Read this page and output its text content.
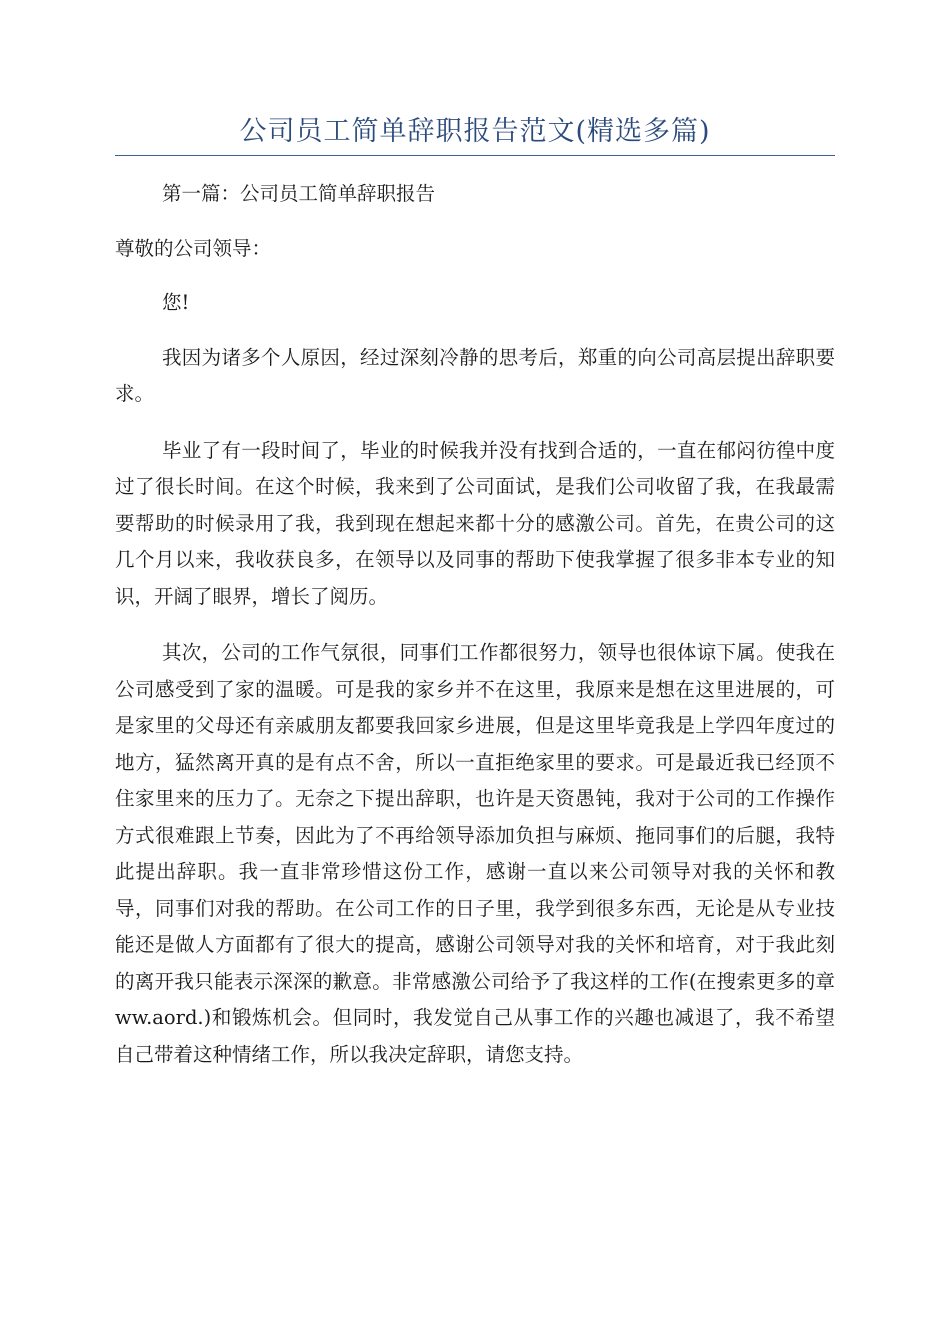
公司员工简单辞职报告范文(精选多篇)

第一篇：公司员工简单辞职报告

尊敬的公司领导：

您!

我因为诸多个人原因，经过深刻冷静的思考后，郑重的向公司高层提出辞职要求。

毕业了有一段时间了，毕业的时候我并没有找到合适的，一直在郁闷彷徨中度过了很长时间。在这个时候，我来到了公司面试，是我们公司收留了我，在我最需要帮助的时候录用了我，我到现在想起来都十分的感激公司。首先，在贵公司的这几个月以来，我收获良多，在领导以及同事的帮助下使我掌握了很多非本专业的知识，开阔了眼界，增长了阅历。

其次，公司的工作气氛很，同事们工作都很努力，领导也很体谅下属。使我在公司感受到了家的温暖。可是我的家乡并不在这里，我原来是想在这里进展的，可是家里的父母还有亲戚朋友都要我回家乡进展，但是这里毕竟我是上学四年度过的地方，猛然离开真的是有点不舍，所以一直拒绝家里的要求。可是最近我已经顶不住家里来的压力了。无奈之下提出辞职，也许是天资愚钝，我对于公司的工作操作方式很难跟上节奏，因此为了不再给领导添加负担与麻烦、拖同事们的后腿，我特此提出辞职。我一直非常珍惜这份工作，感谢一直以来公司领导对我的关怀和教导，同事们对我的帮助。在公司工作的日子里，我学到很多东西，无论是从专业技能还是做人方面都有了很大的提高，感谢公司领导对我的关怀和培育，对于我此刻的离开我只能表示深深的歉意。非常感激公司给予了我这样的工作(在搜索更多的章ww.aord.)和锻炼机会。但同时，我发觉自己从事工作的兴趣也减退了，我不希望自己带着这种情绪工作，所以我决定辞职，请您支持。
